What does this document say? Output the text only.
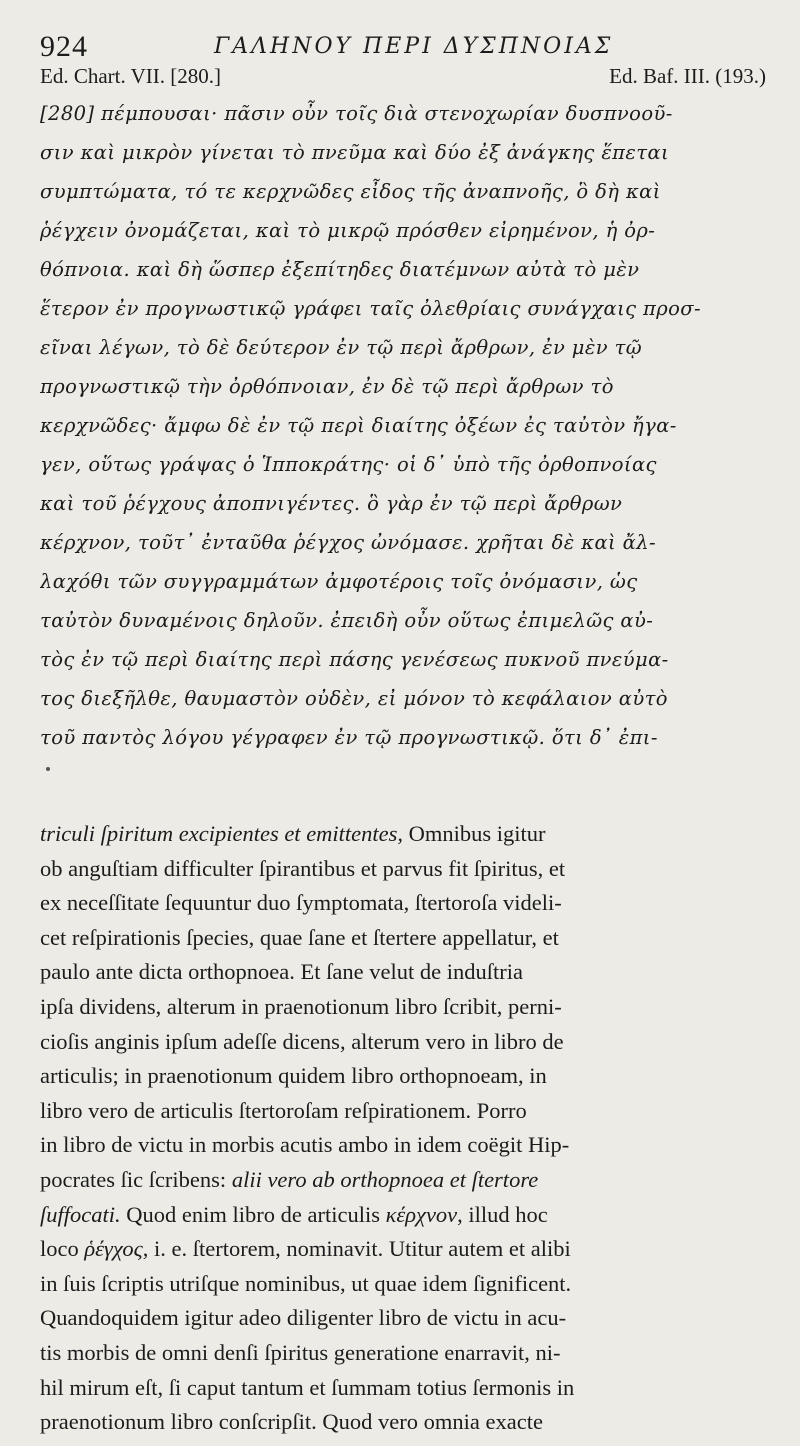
924	ΓΑΛΗΝΟΥ ΠΕΡΙ ΔΥΣΠΝΟΙΑΣ
Ed. Chart. VII. [280.]	Ed. Baf. III. (193.)
[280] πέμπουσαι· πᾶσιν οὖν τοῖς διὰ στενοχωρίαν δυσπνοοῦ-
σιν καὶ μικρὸν γίνεται τὸ πνεῦμα καὶ δύο ἐξ ἀνάγκης ἕπεται
συμπτώματα, τό τε κερχνῶδες εἶδος τῆς ἀναπνοῆς, ὃ δὴ καὶ
ῥέγχειν ὀνομάζεται, καὶ τὸ μικρῷ πρόσθεν εἰρημένον, ἡ ὀρ-
θόπνοια. καὶ δὴ ὥσπερ ἐξεπίτηδες διατέμνων αὐτὰ τὸ μὲν
ἕτερον ἐν προγνωστικῷ γράφει ταῖς ὀλεθρίαις συνάγχαις προσ-
εῖναι λέγων, τὸ δὲ δεύτερον ἐν τῷ περὶ ἄρθρων, ἐν μὲν τῷ
προγνωστικῷ τὴν ὀρθόπνοιαν, ἐν δὲ τῷ περὶ ἄρθρων τὸ
κερχνῶδες· ἄμφω δὲ ἐν τῷ περὶ διαίτης ὀξέων ἐς ταὐτὸν ἤγα-
γεν, οὕτως γράψας ὁ Ἱπποκράτης· οἱ δ᾽ ὑπὸ τῆς ὀρθοπνοίας
καὶ τοῦ ῥέγχους ἀποπνιγέντες. ὃ γὰρ ἐν τῷ περὶ ἄρθρων
κέρχνον, τοῦτ᾽ ἐνταῦθα ῥέγχος ὠνόμασε. χρῆται δὲ καὶ ἄλ-
λαχόθι τῶν συγγραμμάτων ἀμφοτέροις τοῖς ὀνόμασιν, ὡς
ταὐτὸν δυναμένοις δηλοῦν. ἐπειδὴ οὖν οὕτως ἐπιμελῶς αὐ-
τὸς ἐν τῷ περὶ διαίτης περὶ πάσης γενέσεως πυκνοῦ πνεύμα-
τος διεξῆλθε, θαυμαστὸν οὐδὲν, εἰ μόνον τὸ κεφάλαιον αὐτὸ
τοῦ παντὸς λόγου γέγραφεν ἐν τῷ προγνωστικῷ. ὅτι δ᾽ ἐπι-
triculi ſpiritum excipientes et emittentes, Omnibus igitur
ob anguſtiam difficulter ſpirantibus et parvus fit ſpiritus, et
ex neceſſitate ſequuntur duo ſymptomata, ſtertoroſa videli-
cet reſpirationis ſpecies, quae ſane et ſtertere appellatur, et
paulo ante dicta orthopnoea. Et ſane velut de induſtria
ipſa dividens, alterum in praenotionum libro ſcribit, perni-
cioſis anginis ipſum adeſſe dicens, alterum vero in libro de
articulis; in praenotionum quidem libro orthopnoeam, in
libro vero de articulis ſtertoroſam reſpirationem. Porro
in libro de victu in morbis acutis ambo in idem coëgit Hip-
pocrates ſic ſcribens: alii vero ab orthopnoea et ſtertore
ſuffocati. Quod enim libro de articulis κέρχνον, illud hoc
loco ῥέγχος, i. e. ſtertorem, nominavit. Utitur autem et alibi
in ſuis ſcriptis utriſque nominibus, ut quae idem ſignificent.
Quandoquidem igitur adeo diligenter libro de victu in acu-
tis morbis de omni denſi ſpiritus generatione enarravit, ni-
hil mirum eſt, ſi caput tantum et ſummam totius ſermonis in
praenotionum libro conſcripſit. Quod vero omnia exacte
